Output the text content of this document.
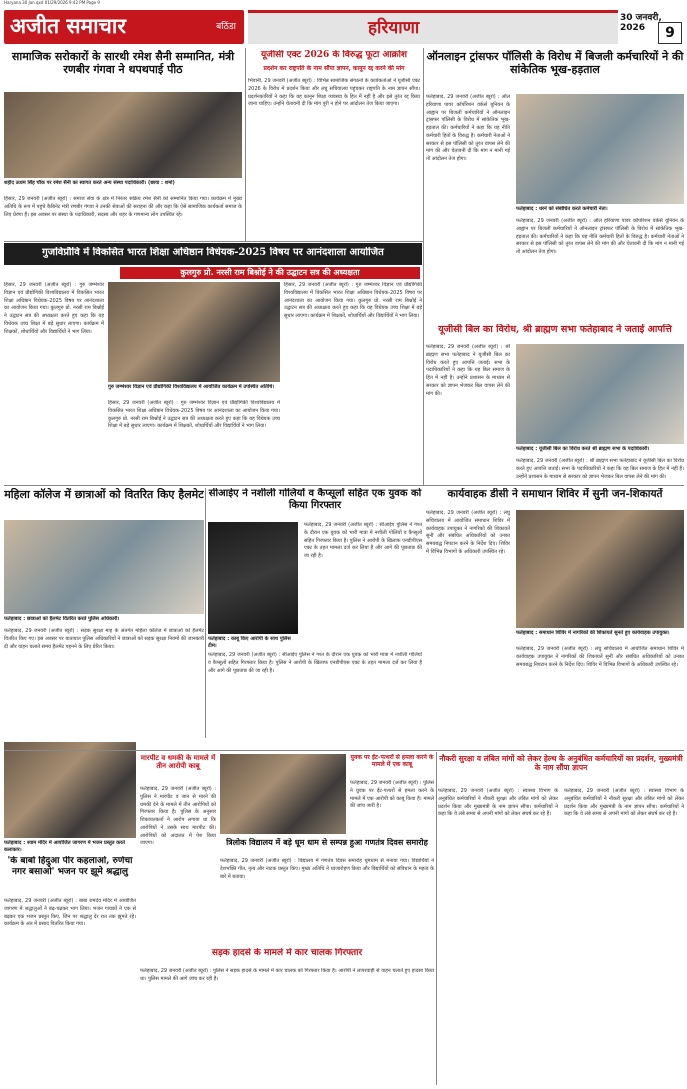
Haryana 30 Jan.qxd 01/29/2026 9:42 PM Page 9
अजीत समाचार	बठिंडा	हरियाणा	30 जनवरी, 2026	9
सामाजिक सरोकारों के सारथी रमेश सैनी सम्मानित, मंत्री रणबीर गंगवा ने थपथपाई पीठ
शहीद ऊधम सिंह चौक पर रमेश सैनी का स्वागत करते अन्य संस्था पदाधिकारी। (छाया : शर्मा)
हिसार, 29 जनवरी (अजीत ब्यूरो) : समाज सेवा के क्षेत्र में निरंतर सक्रिय रमेश सैनी को सम्मानित किया गया। कार्यक्रम में मुख्य अतिथि के रूप में पहुंचे कैबिनेट मंत्री रणबीर गंगवा ने उनकी सेवाओं की सराहना की और कहा कि ऐसे सामाजिक कार्यकर्ता समाज के लिए प्रेरणा हैं। इस अवसर पर संस्था के पदाधिकारी, सदस्य और शहर के गणमान्य लोग उपस्थित रहे।
यूजीसी एक्ट 2026 के विरुद्ध फूटा आक्रोश
प्रदर्शन कर राष्ट्रपति के नाम सौंपा ज्ञापन, कानून रद्द करने की मांग
भिवानी, 29 जनवरी (अजीत ब्यूरो) : विभिन्न सामाजिक संगठनों के कार्यकर्ताओं ने यूजीसी एक्ट 2026 के विरोध में प्रदर्शन किया और लघु सचिवालय पहुंचकर राष्ट्रपति के नाम ज्ञापन सौंपा। प्रदर्शनकारियों ने कहा कि यह कानून शिक्षा व्यवस्था के हित में नहीं है और इसे तुरंत रद्द किया जाना चाहिए। उन्होंने चेतावनी दी कि मांग पूरी न होने पर आंदोलन तेज किया जाएगा।
ऑनलाइन ट्रांसफर पॉलिसी के विरोध में बिजली कर्मचारियों ने की सांकेतिक भूख-हड़ताल
फतेहाबाद, 29 जनवरी (अजीत ब्यूरो) : ऑल हरियाणा पावर कॉर्पोरेशन वर्कर्स यूनियन के आह्वान पर बिजली कर्मचारियों ने ऑनलाइन ट्रांसफर पॉलिसी के विरोध में सांकेतिक भूख-हड़ताल की। कर्मचारियों ने कहा कि यह नीति कर्मचारी हितों के विरुद्ध है। कर्मचारी नेताओं ने सरकार से इस पॉलिसी को तुरंत वापस लेने की मांग की और चेतावनी दी कि मांग न मानी गई तो आंदोलन तेज होगा।
फतेहाबाद : धरने को संबोधित करते कर्मचारी नेता।
फतेहाबाद, 29 जनवरी (अजीत ब्यूरो) : ऑल हरियाणा पावर कॉर्पोरेशन वर्कर्स यूनियन के आह्वान पर बिजली कर्मचारियों ने ऑनलाइन ट्रांसफर पॉलिसी के विरोध में सांकेतिक भूख-हड़ताल की। कर्मचारियों ने कहा कि यह नीति कर्मचारी हितों के विरुद्ध है। कर्मचारी नेताओं ने सरकार से इस पॉलिसी को तुरंत वापस लेने की मांग की और चेतावनी दी कि मांग न मानी गई तो आंदोलन तेज होगा।
गुजविप्रौवि में विकसित भारत शिक्षा अधिष्ठान विधेयक-2025 विषय पर आनंदशाला आयोजित
कुलगुरु प्रो. नरसी राम बिश्नोई ने की उद्घाटन सत्र की अध्यक्षता
हिसार, 29 जनवरी (अजीत ब्यूरो) : गुरु जम्भेश्वर विज्ञान एवं प्रौद्योगिकी विश्वविद्यालय में विकसित भारत शिक्षा अधिष्ठान विधेयक-2025 विषय पर आनंदशाला का आयोजन किया गया। कुलगुरु प्रो. नरसी राम बिश्नोई ने उद्घाटन सत्र की अध्यक्षता करते हुए कहा कि यह विधेयक उच्च शिक्षा में बड़े सुधार लाएगा। कार्यक्रम में शिक्षकों, शोधार्थियों और विद्यार्थियों ने भाग लिया।
गुरु जम्भेश्वर विज्ञान एवं प्रौद्योगिकी विश्वविद्यालय में आयोजित कार्यक्रम में उपस्थित अतिथि।
हिसार, 29 जनवरी (अजीत ब्यूरो) : गुरु जम्भेश्वर विज्ञान एवं प्रौद्योगिकी विश्वविद्यालय में विकसित भारत शिक्षा अधिष्ठान विधेयक-2025 विषय पर आनंदशाला का आयोजन किया गया। कुलगुरु प्रो. नरसी राम बिश्नोई ने उद्घाटन सत्र की अध्यक्षता करते हुए कहा कि यह विधेयक उच्च शिक्षा में बड़े सुधार लाएगा। कार्यक्रम में शिक्षकों, शोधार्थियों और विद्यार्थियों ने भाग लिया।
हिसार, 29 जनवरी (अजीत ब्यूरो) : गुरु जम्भेश्वर विज्ञान एवं प्रौद्योगिकी विश्वविद्यालय में विकसित भारत शिक्षा अधिष्ठान विधेयक-2025 विषय पर आनंदशाला का आयोजन किया गया। कुलगुरु प्रो. नरसी राम बिश्नोई ने उद्घाटन सत्र की अध्यक्षता करते हुए कहा कि यह विधेयक उच्च शिक्षा में बड़े सुधार लाएगा। कार्यक्रम में शिक्षकों, शोधार्थियों और विद्यार्थियों ने भाग लिया।
यूजीसी बिल का विरोध, श्री ब्राह्मण सभा फतेहाबाद ने जताई आपत्ति
फतेहाबाद, 29 जनवरी (अजीत ब्यूरो) : श्री ब्राह्मण सभा फतेहाबाद ने यूजीसी बिल का विरोध करते हुए आपत्ति जताई। सभा के पदाधिकारियों ने कहा कि यह बिल समाज के हित में नहीं है। उन्होंने प्रशासन के माध्यम से सरकार को ज्ञापन भेजकर बिल वापस लेने की मांग की।
फतेहाबाद : यूजीसी बिल का विरोध करते श्री ब्राह्मण सभा के पदाधिकारी।
फतेहाबाद, 29 जनवरी (अजीत ब्यूरो) : श्री ब्राह्मण सभा फतेहाबाद ने यूजीसी बिल का विरोध करते हुए आपत्ति जताई। सभा के पदाधिकारियों ने कहा कि यह बिल समाज के हित में नहीं है। उन्होंने प्रशासन के माध्यम से सरकार को ज्ञापन भेजकर बिल वापस लेने की मांग की।
महिला कॉलेज में छात्राओं को वितरित किए हैलमेट
फतेहाबाद : छात्राओं को हैलमेट वितरित करते पुलिस अधिकारी।
फतेहाबाद, 29 जनवरी (अजीत ब्यूरो) : सड़क सुरक्षा माह के अंतर्गत महिला कॉलेज में छात्राओं को हैलमेट वितरित किए गए। इस अवसर पर यातायात पुलिस अधिकारियों ने छात्राओं को सड़क सुरक्षा नियमों की जानकारी दी और वाहन चलाते समय हैलमेट पहनने के लिए प्रेरित किया।
सीआईए ने नशीली गोलियों व कैप्सूलों सहित एक युवक को किया गिरफ्तार
फतेहाबाद, 29 जनवरी (अजीत ब्यूरो) : सीआईए पुलिस ने गश्त के दौरान एक युवक को भारी मात्रा में नशीली गोलियों व कैप्सूलों सहित गिरफ्तार किया है। पुलिस ने आरोपी के खिलाफ एनडीपीएस एक्ट के तहत मामला दर्ज कर लिया है और आगे की पूछताछ की जा रही है।
फतेहाबाद : काबू किए आरोपी के साथ पुलिस टीम।
फतेहाबाद, 29 जनवरी (अजीत ब्यूरो) : सीआईए पुलिस ने गश्त के दौरान एक युवक को भारी मात्रा में नशीली गोलियों व कैप्सूलों सहित गिरफ्तार किया है। पुलिस ने आरोपी के खिलाफ एनडीपीएस एक्ट के तहत मामला दर्ज कर लिया है और आगे की पूछताछ की जा रही है।
कार्यवाहक डीसी ने समाधान शिविर में सुनी जन-शिकायतें
फतेहाबाद, 29 जनवरी (अजीत ब्यूरो) : लघु सचिवालय में आयोजित समाधान शिविर में कार्यवाहक उपायुक्त ने नागरिकों की शिकायतें सुनीं और संबंधित अधिकारियों को उनका समयबद्ध निपटान करने के निर्देश दिए। शिविर में विभिन्न विभागों के अधिकारी उपस्थित रहे।
फतेहाबाद : समाधान शिविर में नागरिकों की शिकायतें सुनते हुए कार्यवाहक उपायुक्त।
फतेहाबाद, 29 जनवरी (अजीत ब्यूरो) : लघु सचिवालय में आयोजित समाधान शिविर में कार्यवाहक उपायुक्त ने नागरिकों की शिकायतें सुनीं और संबंधित अधिकारियों को उनका समयबद्ध निपटान करने के निर्देश दिए। शिविर में विभिन्न विभागों के अधिकारी उपस्थित रहे।
फतेहाबाद : श्याम मंदिर में आयोजित जागरण में भजन प्रस्तुत करते कलाकार।
'के बाबो हिदुआ पीर कहलाओ, रुणेचा नगर बसाओ' भजन पर झूमे श्रद्धालु
फतेहाबाद, 29 जनवरी (अजीत ब्यूरो) : बाबा रामदेव मंदिर में आयोजित जागरण में श्रद्धालुओं ने बढ़-चढ़कर भाग लिया। भजन गायकों ने एक से बढ़कर एक भजन प्रस्तुत किए, जिन पर श्रद्धालु देर रात तक झूमते रहे। कार्यक्रम के अंत में प्रसाद वितरित किया गया।
मारपीट व धमकी के मामले में तीन आरोपी काबू
फतेहाबाद, 29 जनवरी (अजीत ब्यूरो) : पुलिस ने मारपीट व जान से मारने की धमकी देने के मामले में तीन आरोपियों को गिरफ्तार किया है। पुलिस के अनुसार शिकायतकर्ता ने आरोप लगाया था कि आरोपियों ने उसके साथ मारपीट की। आरोपियों को अदालत में पेश किया जाएगा।
युवक पर ईंट-पत्थरों से हमला करने के मामले में एक काबू
फतेहाबाद, 29 जनवरी (अजीत ब्यूरो) : पुलिस ने युवक पर ईंट-पत्थरों से हमला करने के मामले में एक आरोपी को काबू किया है। मामले की जांच जारी है।
त्रिलोक विद्यालय में बड़े धूम धाम से सम्पन्न हुआ गणतंत्र दिवस समारोह
फतेहाबाद, 29 जनवरी (अजीत ब्यूरो) : विद्यालय में गणतंत्र दिवस समारोह धूमधाम से मनाया गया। विद्यार्थियों ने देशभक्ति गीत, नृत्य और नाटक प्रस्तुत किए। मुख्य अतिथि ने ध्वजारोहण किया और विद्यार्थियों को संविधान के महत्व के बारे में बताया।
नौकरी सुरक्षा व लंबित मांगों को लेकर हेल्थ के अनुबंधित कर्मचारियों का प्रदर्शन, मुख्यमंत्री के नाम सौंपा ज्ञापन
फतेहाबाद, 29 जनवरी (अजीत ब्यूरो) : स्वास्थ्य विभाग के अनुबंधित कर्मचारियों ने नौकरी सुरक्षा और लंबित मांगों को लेकर प्रदर्शन किया और मुख्यमंत्री के नाम ज्ञापन सौंपा। कर्मचारियों ने कहा कि वे लंबे समय से अपनी मांगों को लेकर संघर्ष कर रहे हैं।
फतेहाबाद, 29 जनवरी (अजीत ब्यूरो) : स्वास्थ्य विभाग के अनुबंधित कर्मचारियों ने नौकरी सुरक्षा और लंबित मांगों को लेकर प्रदर्शन किया और मुख्यमंत्री के नाम ज्ञापन सौंपा। कर्मचारियों ने कहा कि वे लंबे समय से अपनी मांगों को लेकर संघर्ष कर रहे हैं।
सड़क हादसे के मामले में कार चालक गिरफ्तार
फतेहाबाद, 29 जनवरी (अजीत ब्यूरो) : पुलिस ने सड़क हादसे के मामले में कार चालक को गिरफ्तार किया है। आरोपी ने लापरवाही से वाहन चलाते हुए हादसा किया था। पुलिस मामले की आगे जांच कर रही है।
